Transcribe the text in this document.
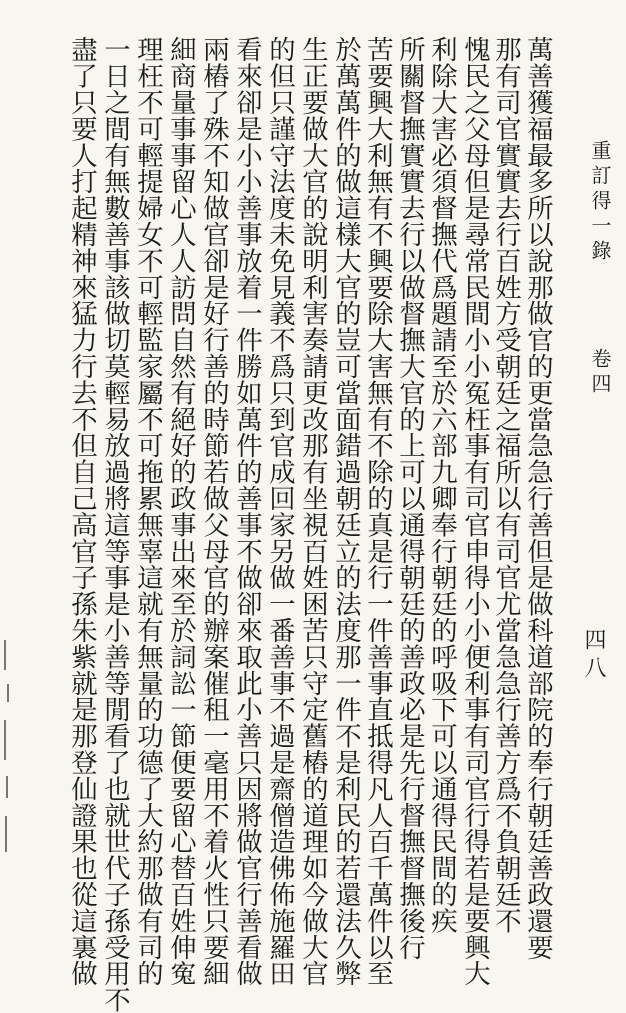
重訂得一錄 　 卷四
四八
萬善獲福最多所以說那做官的更當急急行善但是做科道部院的奉行朝廷善政還要
那有司官實實去行百姓方受朝廷之福所以有司官尤當急急行善方爲不負朝廷不
愧民之父母但是尋常民間小小冤枉事有司官申得小小便利事有司官行得若是要興大
利除大害必須督撫代爲題請至於六部九卿奉行朝廷的呼吸下可以通得民間的疾
所關督撫實實去行以做督撫大官的上可以通得朝廷的善政必是先行督撫督撫後行
苦要興大利無有不興要除大害無有不除的真是行一件善事直抵得凡人百千萬件以至
於萬萬件的做這樣大官的豈可當面錯過朝廷立的法度那一件不是利民的若還法久弊
生正要做大官的說明利害奏請更改那有坐視百姓困苦只守定舊樁的道理如今做大官
的但只謹守法度未免見義不爲只到官成回家另做一番善事不過是齋僧造佛佈施羅田
看來卻是小小善事放着一件勝如萬件的善事不做卻來取此小善只因將做官行善看做
兩樁了殊不知做官卻是好行善的時節若做父母官的辦案催租一毫用不着火性只要細
細商量事事留心人人訪問自然有絕好的政事出來至於詞訟一節便要留心替百姓伸寃
理枉不可輕提婦女不可輕監家屬不可拖累無辜這就有無量的功德了大約那做有司的
一日之間有無數善事該做切莫輕易放過將這等事是小善等閒看了也就世代子孫受用不
盡了只要人打起精神來猛力行去不但自己高官子孫朱紫就是那登仙證果也從這裏做
